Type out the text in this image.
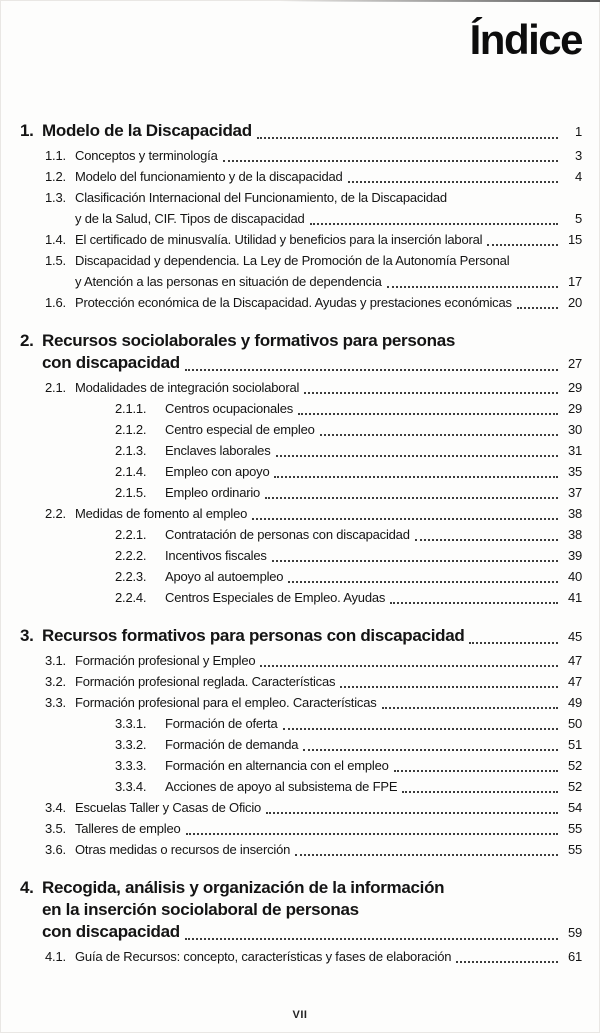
Índice
1. Modelo de la Discapacidad	1
1.1. Conceptos y terminología	3
1.2. Modelo del funcionamiento y de la discapacidad	4
1.3. Clasificación Internacional del Funcionamiento, de la Discapacidad
y de la Salud, CIF. Tipos de discapacidad	5
1.4. El certificado de minusvalía. Utilidad y beneficios para la inserción laboral	15
1.5. Discapacidad y dependencia. La Ley de Promoción de la Autonomía Personal
y Atención a las personas en situación de dependencia	17
1.6. Protección económica de la Discapacidad. Ayudas y prestaciones económicas	20
2. Recursos sociolaborales y formativos para personas
con discapacidad	27
2.1. Modalidades de integración sociolaboral	29
2.1.1.	Centros ocupacionales	29
2.1.2.	Centro especial de empleo	30
2.1.3.	Enclaves laborales	31
2.1.4.	Empleo con apoyo	35
2.1.5.	Empleo ordinario	37
2.2. Medidas de fomento al empleo	38
2.2.1.	Contratación de personas con discapacidad	38
2.2.2.	Incentivos fiscales	39
2.2.3.	Apoyo al autoempleo	40
2.2.4.	Centros Especiales de Empleo. Ayudas	41
3. Recursos formativos para personas con discapacidad	45
3.1. Formación profesional y Empleo	47
3.2. Formación profesional reglada. Características	47
3.3. Formación profesional para el empleo. Características	49
3.3.1.	Formación de oferta	50
3.3.2.	Formación de demanda	51
3.3.3.	Formación en alternancia con el empleo	52
3.3.4.	Acciones de apoyo al subsistema de FPE	52
3.4. Escuelas Taller y Casas de Oficio	54
3.5. Talleres de empleo	55
3.6. Otras medidas o recursos de inserción	55
4. Recogida, análisis y organización de la información
en la inserción sociolaboral de personas
con discapacidad	59
4.1. Guía de Recursos: concepto, características y fases de elaboración	61
VII
